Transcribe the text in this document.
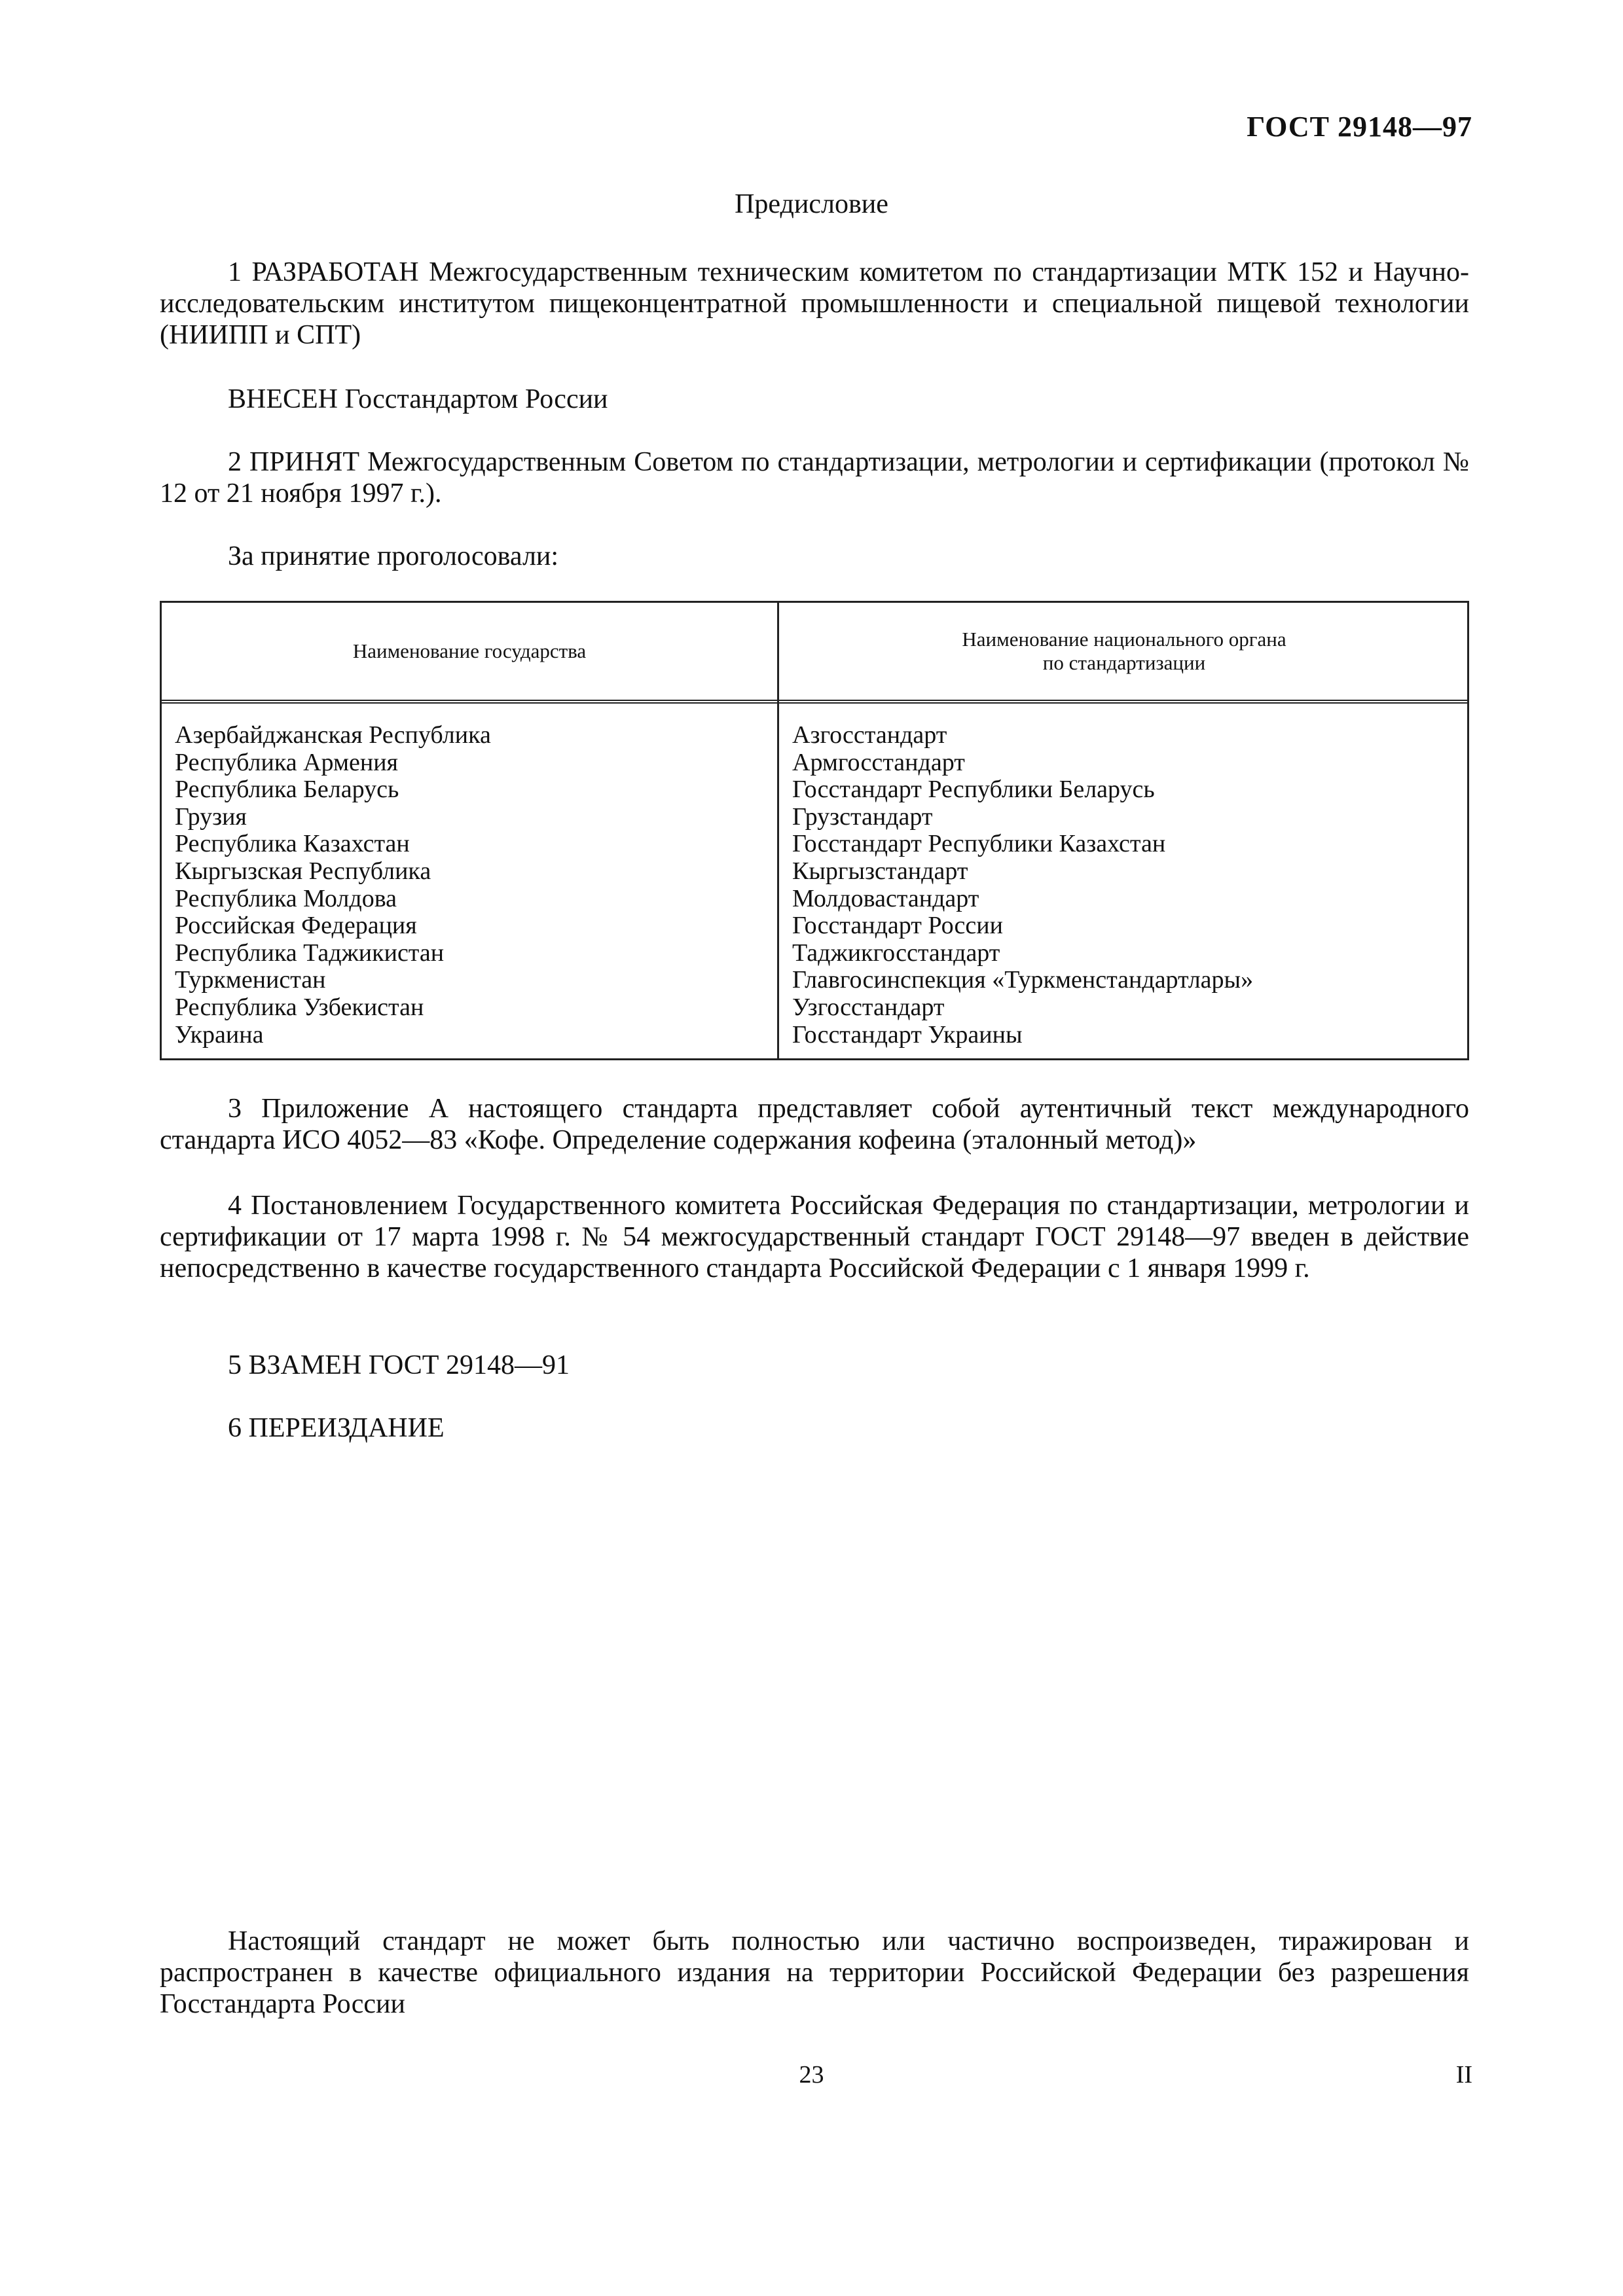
ГОСТ 29148—97
Предисловие
1 РАЗРАБОТАН Межгосударственным техническим комитетом по стандартизации МТК 152 и Научно-исследовательским институтом пищеконцентратной промышленности и специальной пищевой технологии (НИИПП и СПТ)
ВНЕСЕН Госстандартом России
2 ПРИНЯТ Межгосударственным Советом по стандартизации, метрологии и сертификации (протокол № 12 от 21 ноября 1997 г.).
За принятие проголосовали:
Наименование государства
Наименование национального органа
по стандартизации
Азербайджанская Республика
Республика Армения
Республика Беларусь
Грузия
Республика Казахстан
Кыргызская Республика
Республика Молдова
Российская Федерация
Республика Таджикистан
Туркменистан
Республика Узбекистан
Украина
Азгосстандарт
Армгосстандарт
Госстандарт Республики Беларусь
Грузстандарт
Госстандарт Республики Казахстан
Кыргызстандарт
Молдовастандарт
Госстандарт России
Таджикгосстандарт
Главгосинспекция «Туркменстандартлары»
Узгосстандарт
Госстандарт Украины
3 Приложение А настоящего стандарта представляет собой аутентичный текст международного стандарта ИСО 4052—83 «Кофе. Определение содержания кофеина (эталонный метод)»
4 Постановлением Государственного комитета Российская Федерация по стандартизации, метрологии и сертификации от 17 марта 1998 г. № 54 межгосударственный стандарт ГОСТ 29148—97 введен в действие непосредственно в качестве государственного стандарта Российской Федерации с 1 января 1999 г.
5 ВЗАМЕН ГОСТ 29148—91
6 ПЕРЕИЗДАНИЕ
Настоящий стандарт не может быть полностью или частично воспроизведен, тиражирован и распространен в качестве официального издания на территории Российской Федерации без разрешения Госстандарта России
23	II
